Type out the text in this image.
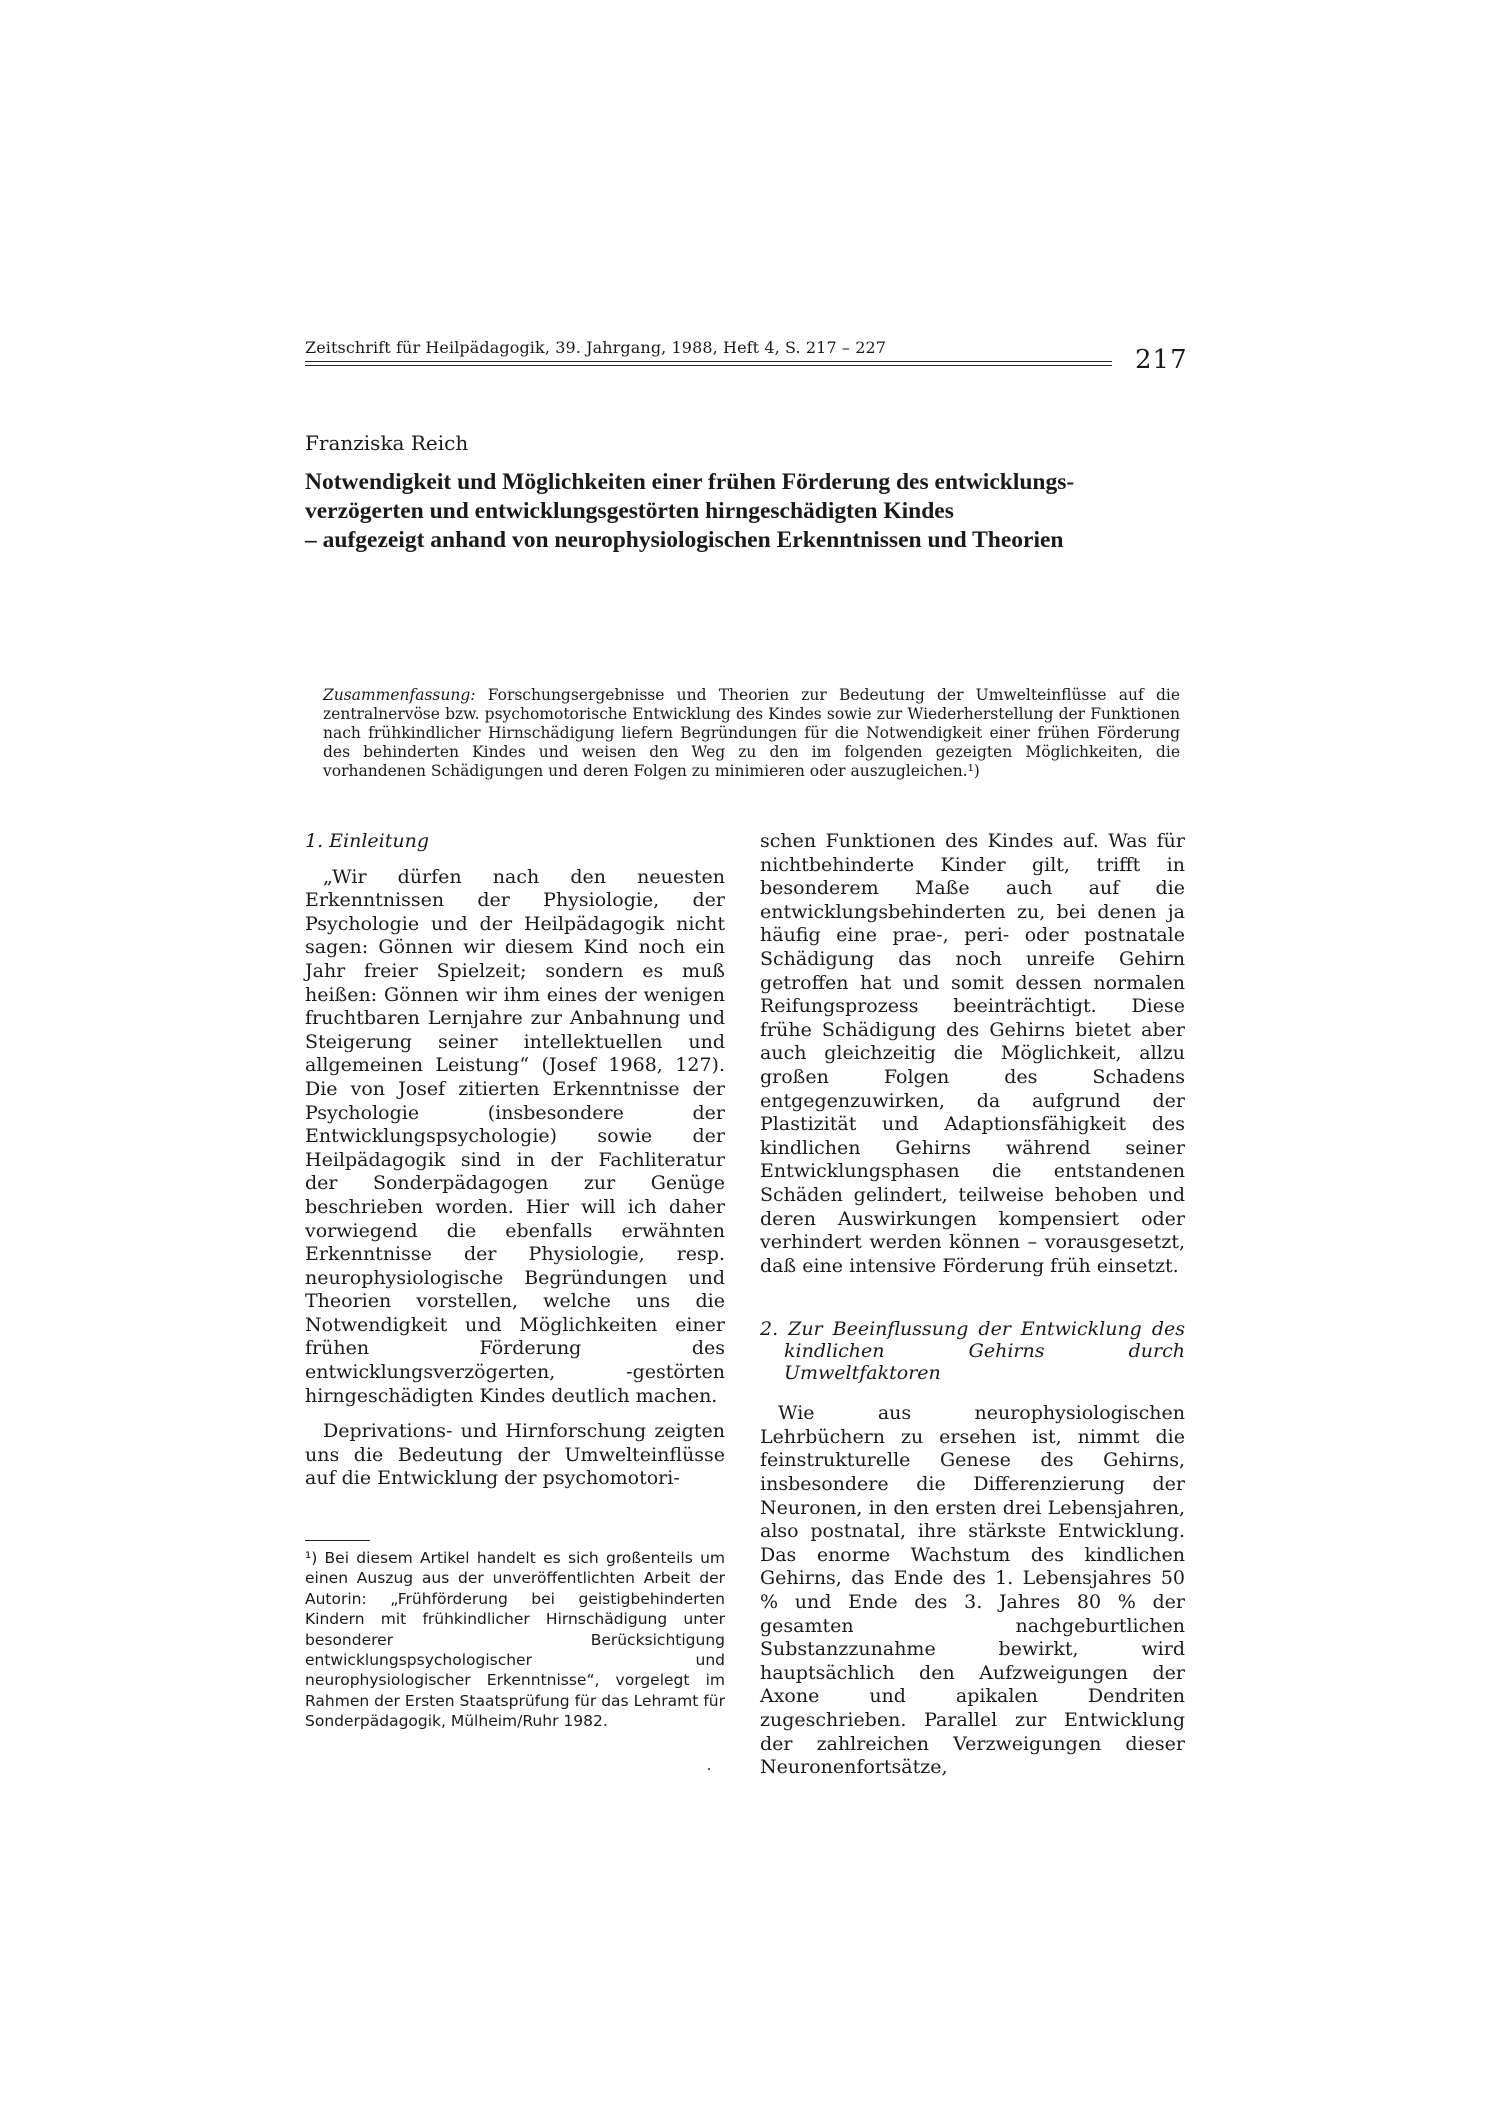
Zeitschrift für Heilpädagogik, 39. Jahrgang, 1988, Heft 4, S. 217 – 227	217
Franziska Reich
Notwendigkeit und Möglichkeiten einer frühen Förderung des entwicklungs-
verzögerten und entwicklungsgestörten hirngeschädigten Kindes
– aufgezeigt anhand von neurophysiologischen Erkenntnissen und Theorien
Zusammenfassung: Forschungsergebnisse und Theorien zur Bedeutung der Umwelteinflüsse auf die zentralnervöse bzw. psychomotorische Entwicklung des Kindes sowie zur Wiederherstellung der Funktionen nach frühkindlicher Hirnschädigung liefern Begründungen für die Notwendigkeit einer frühen Förderung des behinderten Kindes und weisen den Weg zu den im folgenden gezeigten Möglichkeiten, die vorhandenen Schädigungen und deren Folgen zu minimieren oder auszugleichen.¹)
1. Einleitung

„Wir dürfen nach den neuesten Erkenntnissen der Physiologie, der Psychologie und der Heilpädagogik nicht sagen: Gönnen wir diesem Kind noch ein Jahr freier Spielzeit; sondern es muß heißen: Gönnen wir ihm eines der wenigen fruchtbaren Lernjahre zur Anbahnung und Steigerung seiner intellektuellen und allgemeinen Leistung“ (Josef 1968, 127). Die von Josef zitierten Erkenntnisse der Psychologie (insbesondere der Entwicklungspsychologie) sowie der Heilpädagogik sind in der Fachliteratur der Sonderpädagogen zur Genüge beschrieben worden. Hier will ich daher vorwiegend die ebenfalls erwähnten Erkenntnisse der Physiologie, resp. neurophysiologische Begründungen und Theorien vorstellen, welche uns die Notwendigkeit und Möglichkeiten einer frühen Förderung des entwicklungsverzögerten, -gestörten hirngeschädigten Kindes deutlich machen.

Deprivations- und Hirnforschung zeigten uns die Bedeutung der Umwelteinflüsse auf die Entwicklung der psychomotori-

¹) Bei diesem Artikel handelt es sich großenteils um einen Auszug aus der unveröffentlichten Arbeit der Autorin: „Frühförderung bei geistigbehinderten Kindern mit frühkindlicher Hirnschädigung unter besonderer Berücksichtigung entwicklungspsychologischer und neurophysiologischer Erkenntnisse“, vorgelegt im Rahmen der Ersten Staatsprüfung für das Lehramt für Sonderpädagogik, Mülheim/Ruhr 1982.

schen Funktionen des Kindes auf. Was für nichtbehinderte Kinder gilt, trifft in besonderem Maße auch auf die entwicklungsbehinderten zu, bei denen ja häufig eine prae-, peri- oder postnatale Schädigung das noch unreife Gehirn getroffen hat und somit dessen normalen Reifungsprozess beeinträchtigt. Diese frühe Schädigung des Gehirns bietet aber auch gleichzeitig die Möglichkeit, allzu großen Folgen des Schadens entgegenzuwirken, da aufgrund der Plastizität und Adaptionsfähigkeit des kindlichen Gehirns während seiner Entwicklungsphasen die entstandenen Schäden gelindert, teilweise behoben und deren Auswirkungen kompensiert oder verhindert werden können – vorausgesetzt, daß eine intensive Förderung früh einsetzt.

2. Zur Beeinflussung der Entwicklung des kindlichen Gehirns durch Umweltfaktoren

Wie aus neurophysiologischen Lehrbüchern zu ersehen ist, nimmt die feinstrukturelle Genese des Gehirns, insbesondere die Differenzierung der Neuronen, in den ersten drei Lebensjahren, also postnatal, ihre stärkste Entwicklung. Das enorme Wachstum des kindlichen Gehirns, das Ende des 1. Lebensjahres 50 % und Ende des 3. Jahres 80 % der gesamten nachgeburtlichen Substanzzunahme bewirkt, wird hauptsächlich den Aufzweigungen der Axone und apikalen Dendriten zugeschrieben. Parallel zur Entwicklung der zahlreichen Verzweigungen dieser Neuronenfortsätze,
